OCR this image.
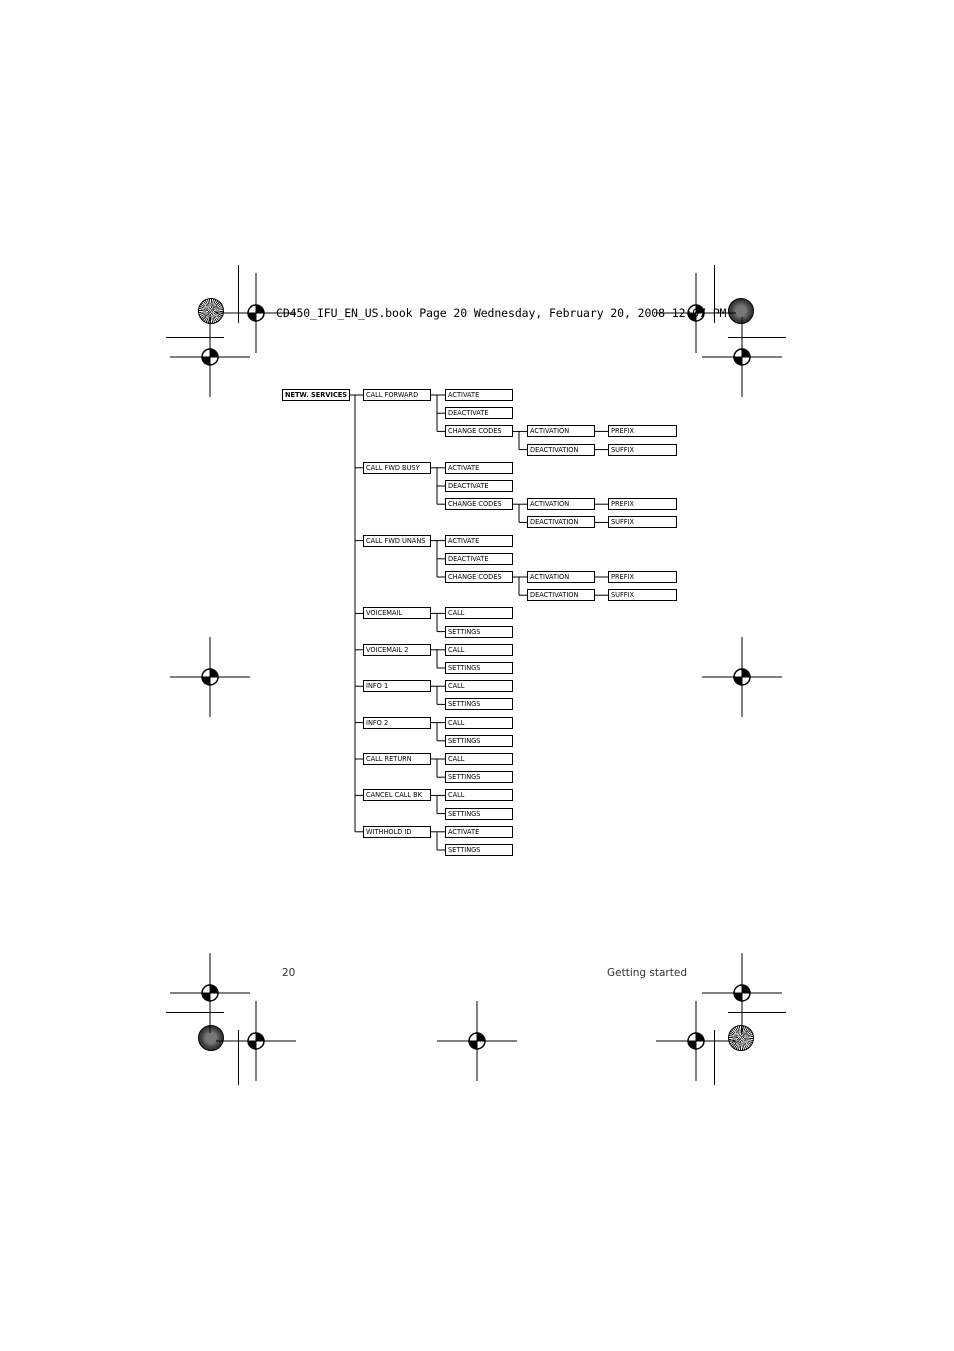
CD450_IFU_EN_US.book Page 20 Wednesday, February 20, 2008 12:07 PM
NETW. SERVICES	CALL FORWARD	ACTIVATE
DEACTIVATE
CHANGE CODES	ACTIVATION	PREFIX
DEACTIVATION	SUFFIX
CALL FWD BUSY	ACTIVATE
DEACTIVATE
CHANGE CODES	ACTIVATION	PREFIX
DEACTIVATION	SUFFIX
CALL FWD UNANS	ACTIVATE
DEACTIVATE
CHANGE CODES	ACTIVATION	PREFIX
DEACTIVATION	SUFFIX
VOICEMAIL	CALL
SETTINGS
VOICEMAIL 2	CALL
SETTINGS
INFO 1	CALL
SETTINGS
INFO 2	CALL
SETTINGS
CALL RETURN	CALL
SETTINGS
CANCEL CALL BK	CALL
SETTINGS
WITHHOLD ID	ACTIVATE
SETTINGS
20	Getting started
